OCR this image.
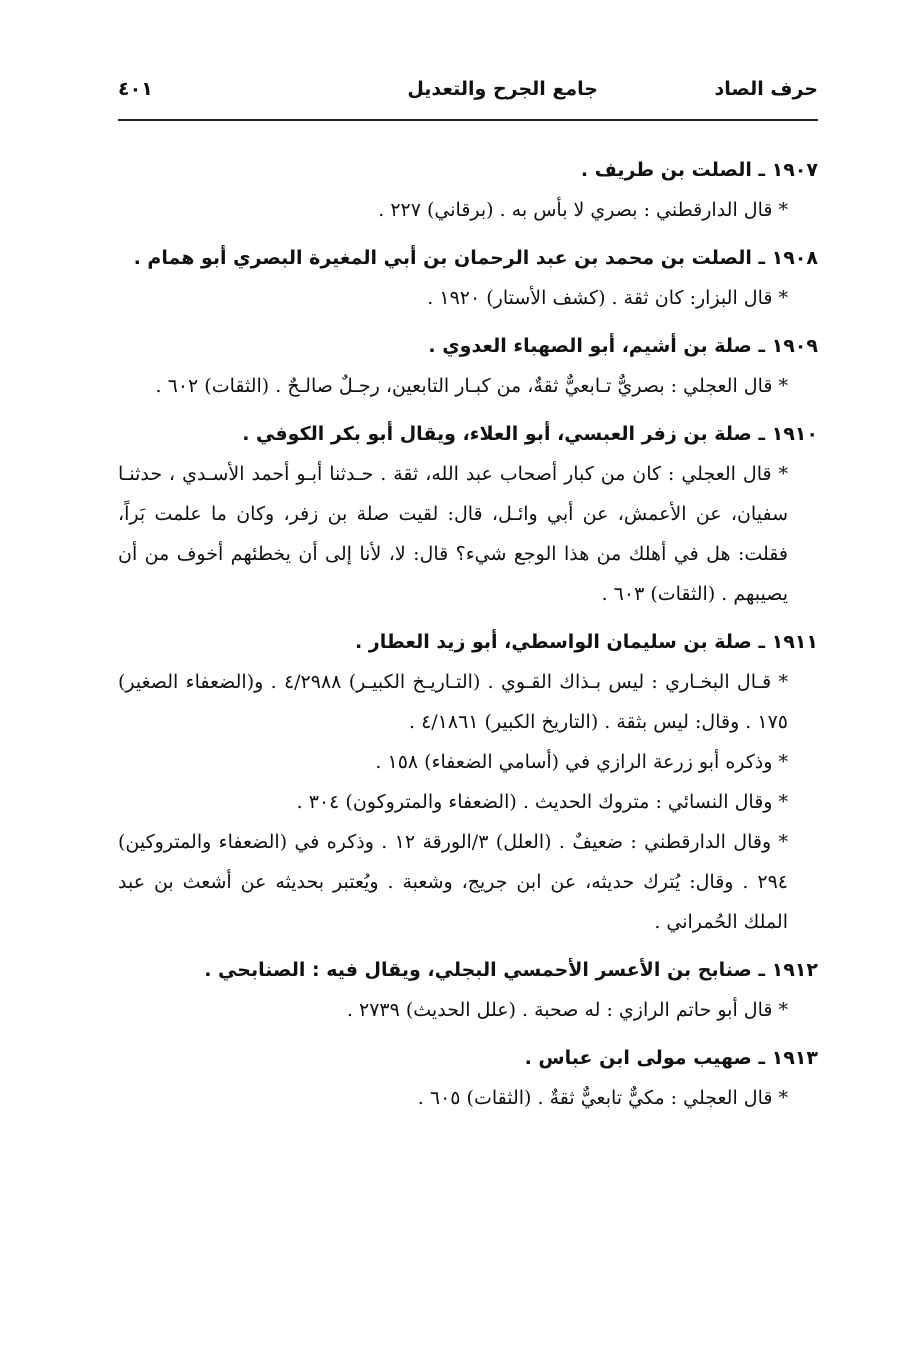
حرف الصاد
جامع الجرح والتعديل
٤٠١

١٩٠٧ ـ الصلت بن طريف .

* قال الدارقطني : بصري لا بأس به . (برقاني) ٢٢٧ .

١٩٠٨ ـ الصلت بن محمد بن عبد الرحمان بن أبي المغيرة البصري أبو همام .

* قال البزار: كان ثقة . (كشف الأستار) ١٩٢٠ .

١٩٠٩ ـ صلة بن أشيم، أبو الصهباء العدوي .

* قال العجلي : بصريٌّ تـابعيٌّ ثقةٌ، من كبـار التابعين، رجـلٌ صالـحٌ . (الثقات) ٦٠٢ .

١٩١٠ ـ صلة بن زفر العبسي، أبو العلاء، ويقال أبو بكر الكوفي .

* قال العجلي : كان من كبار أصحاب عبد الله، ثقة . حـدثنا أبـو أحمد الأسـدي ، حدثنـا سفيان، عن الأعمش، عن أبي وائـل، قال: لقيت صلة بن زفر، وكان ما علمت بَراً، فقلت: هل في أهلك من هذا الوجع شيء؟ قال: لا، لأنا إلى أن يخطئهم أخوف من أن يصيبهم . (الثقات) ٦٠٣ .

١٩١١ ـ صلة بن سليمان الواسطي، أبو زيد العطار .

* قـال البخـاري : ليس بـذاك القـوي . (التـاريـخ الكبيـر) ٤/٢٩٨٨ . و(الضعفاء الصغير) ١٧٥ . وقال: ليس بثقة . (التاريخ الكبير) ٤/١٨٦١ .

* وذكره أبو زرعة الرازي في (أسامي الضعفاء) ١٥٨ .

* وقال النسائي : متروك الحديث . (الضعفاء والمتروكون) ٣٠٤ .

* وقال الدارقطني : ضعيفٌ . (العلل) ٣/الورقة ١٢ . وذكره في (الضعفاء والمتروكين) ٢٩٤ . وقال: يُترك حديثه، عن ابن جريج، وشعبة . ويُعتبر بحديثه عن أشعث بن عبد الملك الحُمراني .

١٩١٢ ـ صنابح بن الأعسر الأحمسي البجلي، ويقال فيه : الصنابحي .

* قال أبو حاتم الرازي : له صحبة . (علل الحديث) ٢٧٣٩ .

١٩١٣ ـ صهيب مولى ابن عباس .

* قال العجلي : مكيٌّ تابعيٌّ ثقةٌ . (الثقات) ٦٠٥ .
